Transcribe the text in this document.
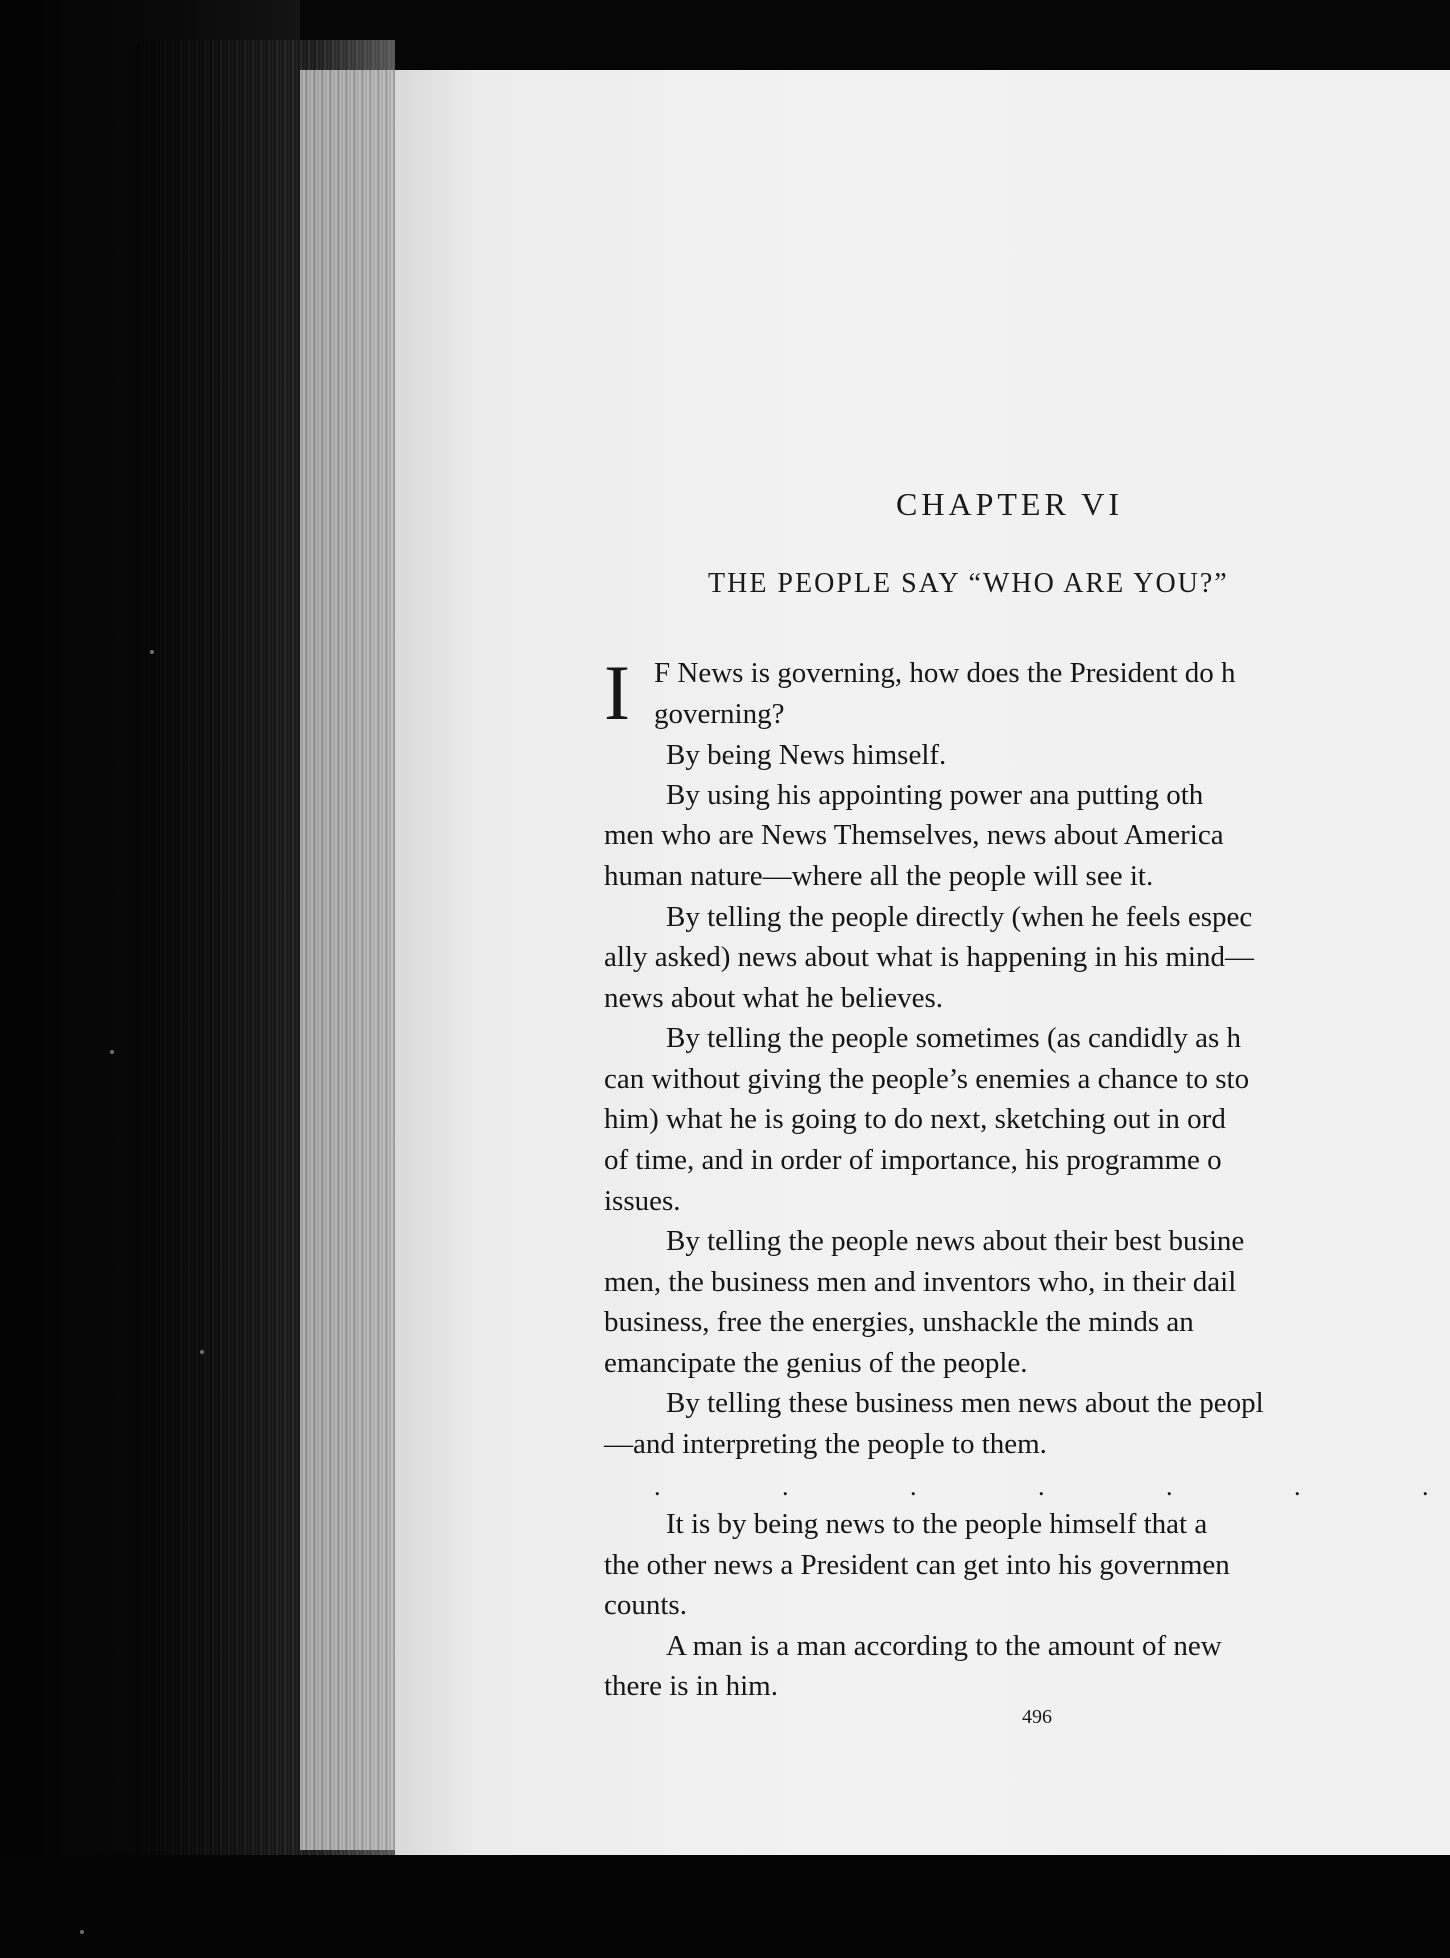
CHAPTER VI
THE PEOPLE SAY “WHO ARE YOU?”
I F News is governing, how does the President do h
governing?
By being News himself.
By using his appointing power ana putting oth
men who are News Themselves, news about America
human nature—where all the people will see it.
By telling the people directly (when he feels espec
ally asked) news about what is happening in his mind—
news about what he believes.
By telling the people sometimes (as candidly as h
can without giving the people’s enemies a chance to sto
him) what he is going to do next, sketching out in ord
of time, and in order of importance, his programme o
issues.
By telling the people news about their best busine
men, the business men and inventors who, in their dail
business, free the energies, unshackle the minds an
emancipate the genius of the people.
By telling these business men news about the peopl
—and interpreting the people to them.
.	.	.	.	.	.	.
It is by being news to the people himself that a
the other news a President can get into his governmen
counts.
A man is a man according to the amount of new
there is in him.
496
